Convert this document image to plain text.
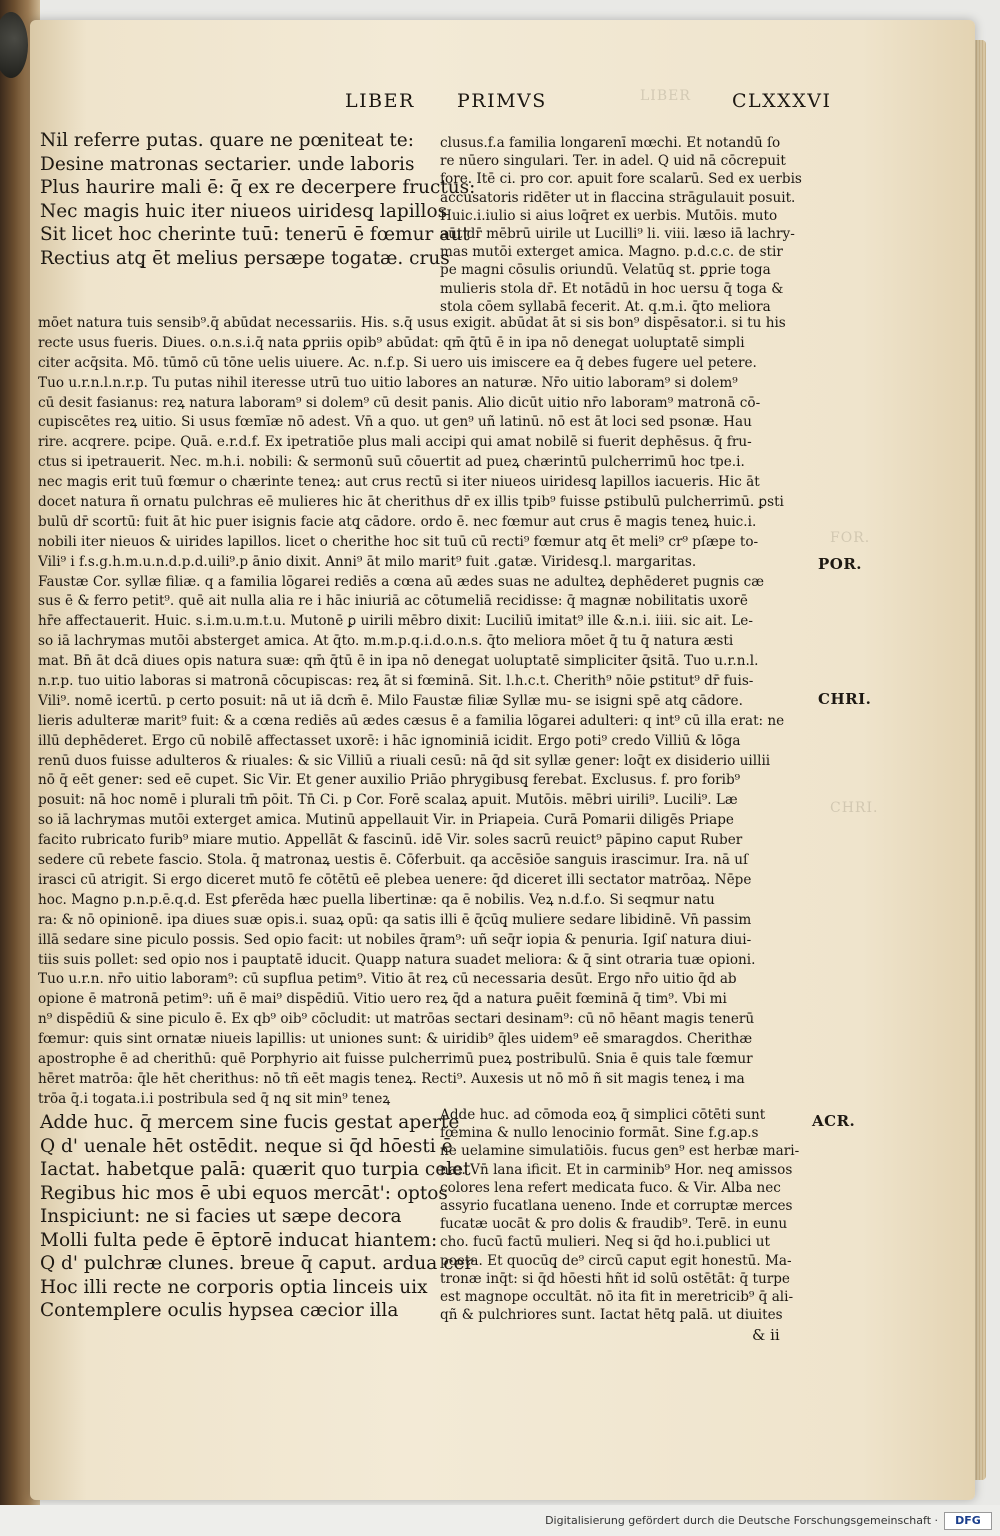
LIBER
FOR.
CHRI.
LIBER PRIMVS	CLXXXVI
Nil referre putas. quare ne pœniteat te:
Desine matronas sectarier. unde laboris
Plus haurire mali ē: q̄ ex re decerpere fructus:
Nec magis huic iter niueos uiridesq̧ lapillos
Sit licet hoc cherinte tuū: tenerū ē fœmur aut
Rectius atq̧ ēt melius persæpe togatæ. crus
clusus.f.a familia longarenī mœchi. Et notandū ſo
re nūero singulari. Ter. in adel. Q uid nā cōcrepuit
fore. Itē ci. pro cor. apuit fore scalarū. Sed ex uerbis
accusatoris ridēter ut in flaccina strāgulauit posuit.
Huic.i.iulio si aius loq̄ret ex uerbis. Mutōis. muto
aūt dr̄ mēbrū uirile ut Lucilli⁹ li. viii. læso iā lachry-
mas mutōi exterget amica. Magno. p.d.c.c. de stir
pe magni cōsulis oriundū. Velatūq̧ st. ꝑprie toga
mulieris stola dr̄. Et notādū in hoc uersu q̄ toga &
stola cōem syllabā fecerit. At. q.m.i. q̄to meliora
mōet natura tuis sensib⁹.q̄ abūdat necessariis. His. s.q̄ usus exigit. abūdat āt si sis bon⁹ dispēsator.i. si tu his
recte usus fueris. Diues. o.n.s.i.q̄ nata ꝑpriis opib⁹ abūdat: qm̄ q̄tū ē in ipa nō denegat uoluptatē simpli
citer acq̄sita. Mō. tūmō cū tōne uelis uiuere. Ac. n.f.p. Si uero uis imiscere ea q̄ debes fugere uel petere.
Tuo u.r.n.l.n.r.p. Tu putas nihil iteresse utrū tuo uitio labores an naturæ. Nr̄o uitio laboram⁹ si dolem⁹
cū desit fasianus: reꝝ natura laboram⁹ si dolem⁹ cū desit panis. Alio dicūt uitio nr̄o laboram⁹ matronā cō-
cupiscētes reꝝ uitio. Si usus fœmīæ nō adest. Vn̄ a quo. ut gen⁹ uñ latinū. nō est āt loci sed psonæ. Hau
rire. acqrere. pcipe. Quā. e.r.d.f. Ex ipetratiōe plus mali accipi qui amat nobilē si fuerit dephēsus. q̄ fru-
ctus si ipetrauerit. Nec. m.h.i. nobili: & sermonū suū cōuertit ad pueꝝ chærintū pulcherrimū hoc tpe.i.
nec magis erit tuū fœmur o chærinte teneꝝ: aut crus rectū si iter niueos uiridesq̧ lapillos iacueris. Hic āt
docet natura ñ ornatu pulchras eē mulieres hic āt cherithus dr̄ ex illis tpib⁹ fuisse ꝑstibulū pulcherrimū. ꝑsti
bulū dr̄ scortū: fuit āt hic puer isignis facie atq̧ cādore. ordo ē. nec fœmur aut crus ē magis teneꝝ huic.i.
nobili iter nieuos & uirides lapillos. licet o cherithe hoc sit tuū cū recti⁹ fœmur atq̧ ēt meli⁹ cr⁹ pſæpe to-
Vili⁹ i f.s.g.h.m.u.n.d.p.d.uili⁹.p ānio dixit. Anni⁹ āt milo marit⁹ fuit .gatæ. Viridesq̧.l. margaritas.
Faustæ Cor. syllæ filiæ. q a familia lōgarei rediēs a cœna aū ædes suas ne adulteꝝ dephēderet pugnis cæ
sus ē & ferro petit⁹. quē ait nulla alia re i hāc iniuriā ac cōtumeliā recidisse: q̄ magnæ nobilitatis uxorē
hr̄e affectauerit. Huic. s.i.m.u.m.t.u. Mutonē ꝑ uirili mēbro dixit: Luciliū imitat⁹ ille &.n.i. iiii. sic ait. Le-
so iā lachrymas mutōi absterget amica. At q̄to. m.m.p.q.i.d.o.n.s. q̄to meliora mōet q̄ tu q̄ natura æsti
mat. Bn̄ āt dcā diues opis natura suæ: qm̄ q̄tū ē in ipa nō denegat uoluptatē simpliciter q̄sitā. Tuo u.r.n.l.
n.r.p. tuo uitio laboras si matronā cōcupiscas: reꝝ āt si fœminā. Sit. l.h.c.t. Cherith⁹ nōie ꝑstitut⁹ dr̄ fuis-
Vili⁹. nomē icertū. p certo posuit: nā ut iā dcm̄ ē. Milo Faustæ filiæ Syllæ mu- se isigni spē atq̧ cādore.
lieris adulteræ marit⁹ fuit: & a cœna rediēs aū ædes cæsus ē a familia lōgarei adulteri: q int⁹ cū illa erat: ne
illū dephēderet. Ergo cū nobilē affectasset uxorē: i hāc ignominiā icidit. Ergo poti⁹ credo Villiū & lōga
renū duos fuisse adulteros & riuales: & sic Villiū a riuali cesū: nā q̄d sit syllæ gener: loq̄t ex disiderio uillii
nō q̄ eēt gener: sed eē cupet. Sic Vir. Et gener auxilio Priāo phrygibusq̧ ferebat. Exclusus. f. pro forib⁹
posuit: nā hoc nomē i plurali tm̄ pōit. Tn̄ Ci. p Cor. Forē scalaꝝ apuit. Mutōis. mēbri uirili⁹. Lucili⁹. Læ
so iā lachrymas mutōi exterget amica. Mutinū appellauit Vir. in Priapeia. Curā Pomarii diligēs Priape
facito rubricato furib⁹ miare mutio. Appellāt & fascinū. idē Vir. soles sacrū reuict⁹ pāpino caput Ruber
sedere cū rebete fascio. Stola. q̄ matronaꝝ uestis ē. Cōferbuit. qa accēsiōe sanguis irascimur. Ira. nā uſ
irasci cū atrigit. Si ergo diceret mutō fe cōtētū eē plebea uenere: q̄d diceret illi sectator matrōaꝝ. Nēpe
hoc. Magno p.n.p.ē.q.d. Est ꝑferēda hæc puella libertinæ: qa ē nobilis. Veꝝ n.d.f.o. Si seqmur natu
ra: & nō opinionē. ipa diues suæ opis.i. suaꝝ opū: qa satis illi ē q̄cūq̧ muliere sedare libidinē. Vn̄ passim
illā sedare sine piculo possis. Sed opio facit: ut nobiles q̄ram⁹: uñ seq̄r iopia & penuria. Igiſ natura diui-
tiis suis pollet: sed opio nos i pauptatē iducit. Quapp natura suadet meliora: & q̄ sint otraria tuæ opioni.
Tuo u.r.n. nr̄o uitio laboram⁹: cū supflua petim⁹. Vitio āt reꝝ cū necessaria desūt. Ergo nr̄o uitio q̄d ab
opione ē matronā petim⁹: uñ ē mai⁹ dispēdiū. Vitio uero reꝝ q̄d a natura ꝑuēit fœminā q̄ tim⁹. Vbi mi
n⁹ dispēdiū & sine piculo ē. Ex qb⁹ oib⁹ cōcludit: ut matrōas sectari desinam⁹: cū nō hēant magis tenerū
fœmur: quis sint ornatæ niueis lapillis: ut uniones sunt: & uiridib⁹ q̄les uidem⁹ eē smaragdos. Cherithæ
apostrophe ē ad cherithū: quē Porphyrio ait fuisse pulcherrimū pueꝝ postribulū. Snia ē quis tale fœmur
hēret matrōa: q̄le hēt cherithus: nō tñ eēt magis teneꝝ. Recti⁹. Auxesis ut nō mō ñ sit magis teneꝝ i ma
trōa q̄.i togata.i.i postribula sed q̄ nq̧ sit min⁹ teneꝝ
Adde huc. q̄ mercem sine fucis gestat aperte
Q d' uenale hēt ostēdit. neque si q̄d hōesti ē
Iactat. habetque palā: quærit quo turpia celet
Regibus hic mos ē ubi equos mercāt': optos
Inspiciunt: ne si facies ut sæpe decora
Molli fulta pede ē ēptorē inducat hiantem:
Q d' pulchræ clunes. breue q̄ caput. ardua cer
Hoc illi recte ne corporis optia linceis uix
Contemplere oculis hypsea cæcior illa
Adde huc. ad cōmoda eoꝝ q̄ simplici cōtēti sunt
fœmina & nullo lenocinio formāt. Sine f.g.ap.s
ne uelamine simulatiōis. fucus gen⁹ est herbæ mari-
næ. Vn̄ lana ificit. Et in carminib⁹ Hor. neq̧ amissos
colores lena refert medicata fuco. & Vir. Alba nec
assyrio fucatlana ueneno. Inde et corruptæ merces
fucatæ uocāt & pro dolis & fraudib⁹. Terē. in eunu
cho. fucū factū mulieri. Neq̧ si q̄d ho.i.publici ut
poeta. Et quocūq̧ de⁹ circū caput egit honestū. Ma-
tronæ inq̄t: si q̄d hōesti hñt id solū ostētāt: q̄ turpe
est magnope occultāt. nō ita fit in meretricib⁹ q̄ ali-
qñ & pulchriores sunt. Iactat hētq̧ palā. ut diuites
POR.
CHRI.
ACR.
& ii
Digitalisierung gefördert durch die Deutsche Forschungsgemeinschaft ·	DFG
